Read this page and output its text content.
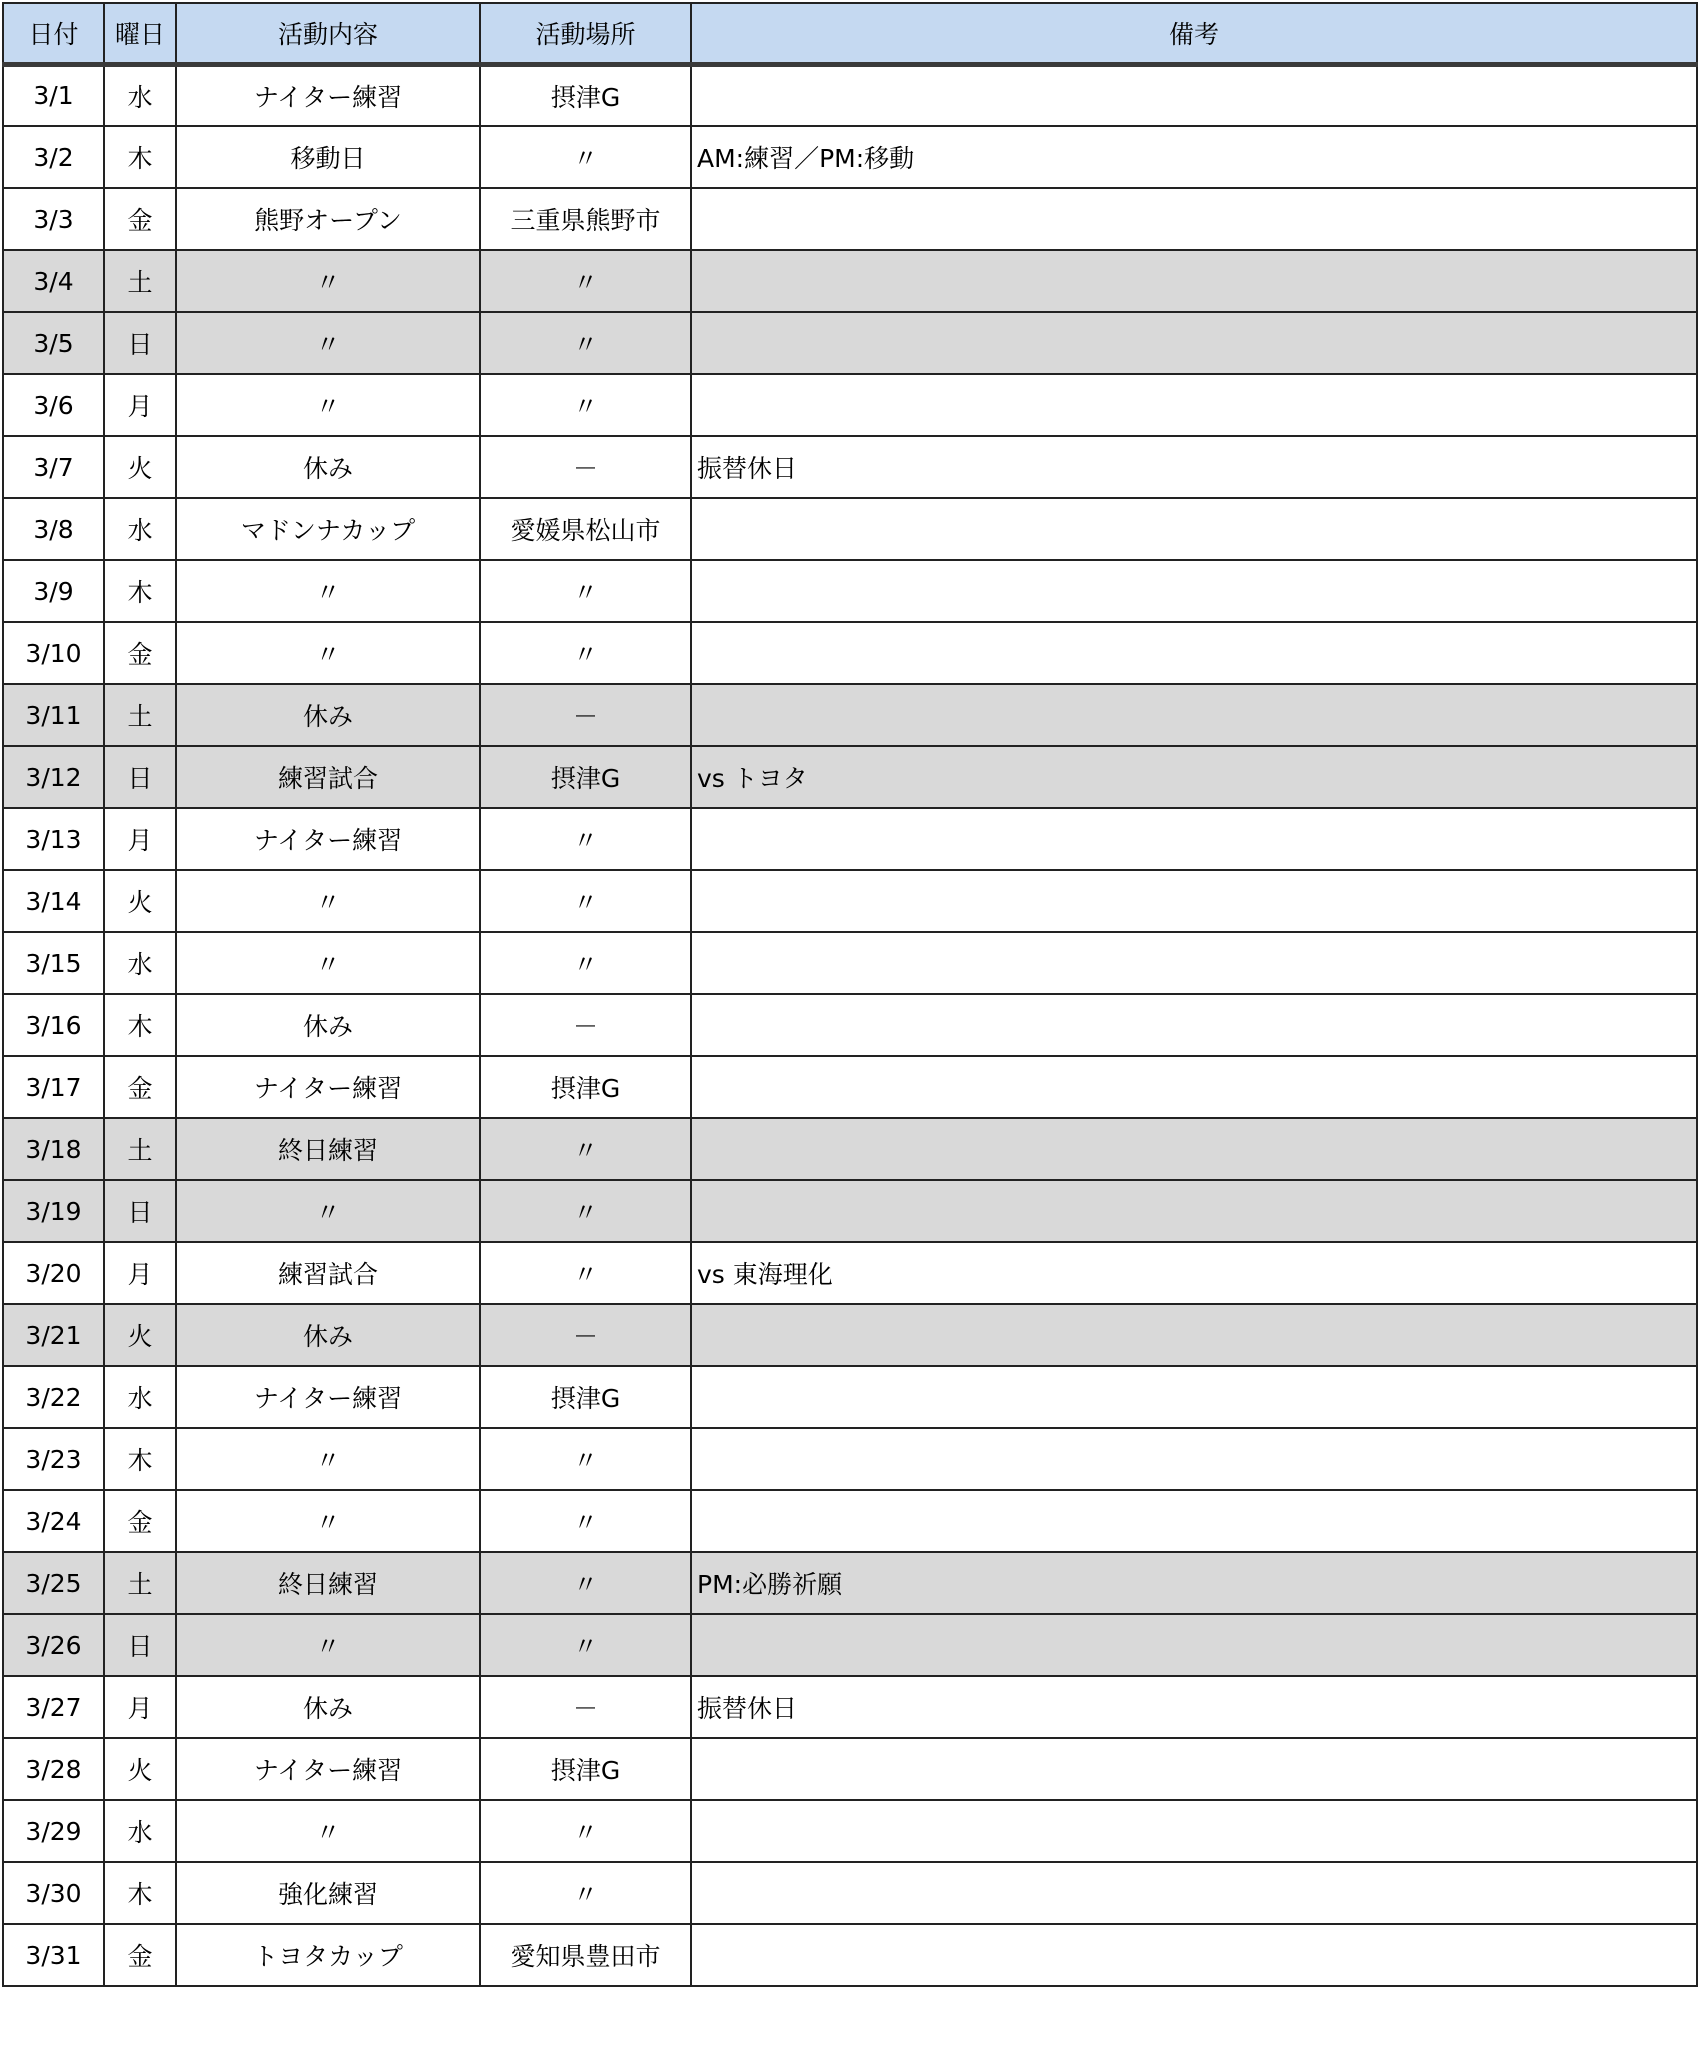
日付	曜日	活動内容	活動場所	備考
3/1	水	ナイター練習	摂津G	
3/2	木	移動日	〃	AM:練習／PM:移動
3/3	金	熊野オープン	三重県熊野市	
3/4	土	〃	〃	
3/5	日	〃	〃	
3/6	月	〃	〃	
3/7	火	休み	－	振替休日
3/8	水	マドンナカップ	愛媛県松山市	
3/9	木	〃	〃	
3/10	金	〃	〃	
3/11	土	休み	－	
3/12	日	練習試合	摂津G	vs トヨタ
3/13	月	ナイター練習	〃	
3/14	火	〃	〃	
3/15	水	〃	〃	
3/16	木	休み	－	
3/17	金	ナイター練習	摂津G	
3/18	土	終日練習	〃	
3/19	日	〃	〃	
3/20	月	練習試合	〃	vs 東海理化
3/21	火	休み	－	
3/22	水	ナイター練習	摂津G	
3/23	木	〃	〃	
3/24	金	〃	〃	
3/25	土	終日練習	〃	PM:必勝祈願
3/26	日	〃	〃	
3/27	月	休み	－	振替休日
3/28	火	ナイター練習	摂津G	
3/29	水	〃	〃	
3/30	木	強化練習	〃	
3/31	金	トヨタカップ	愛知県豊田市	
